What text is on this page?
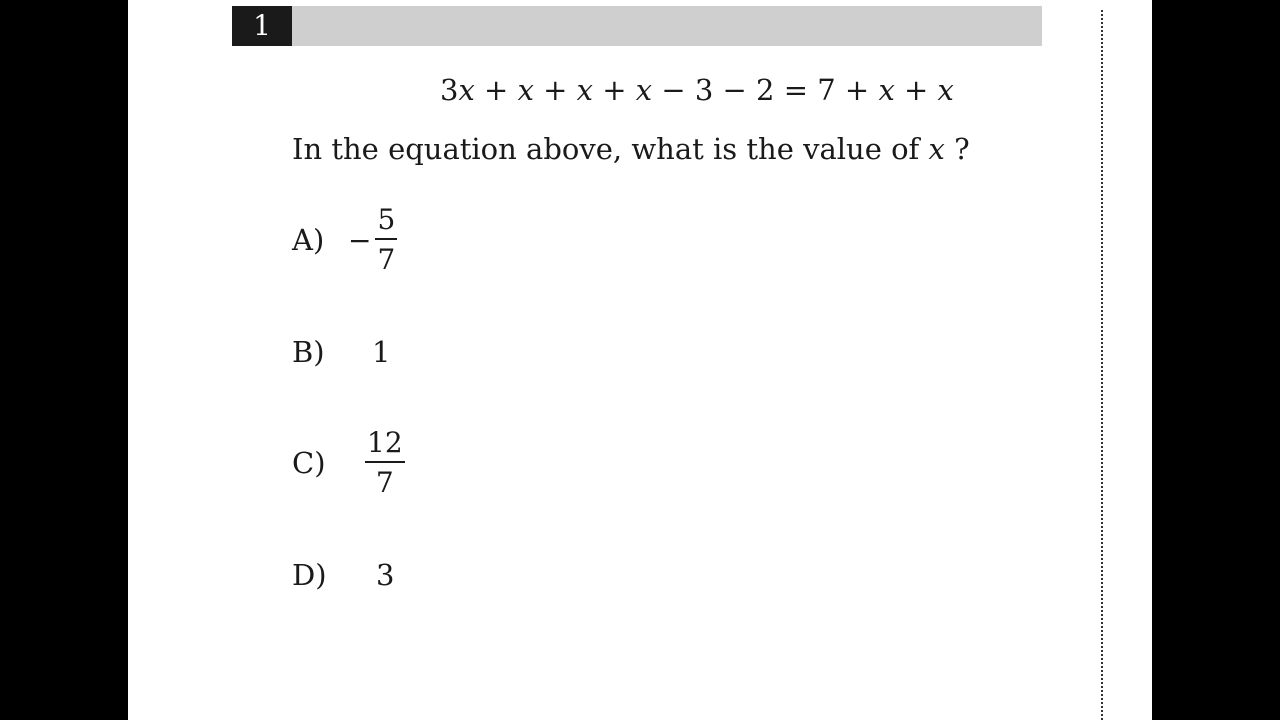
1
3x + x + x + x − 3 − 2 = 7 + x + x
In the equation above, what is the value of x ?
$A) - \frac{5}{7}$
B)	1
C)	$\frac{12}{7}$
D)	3
